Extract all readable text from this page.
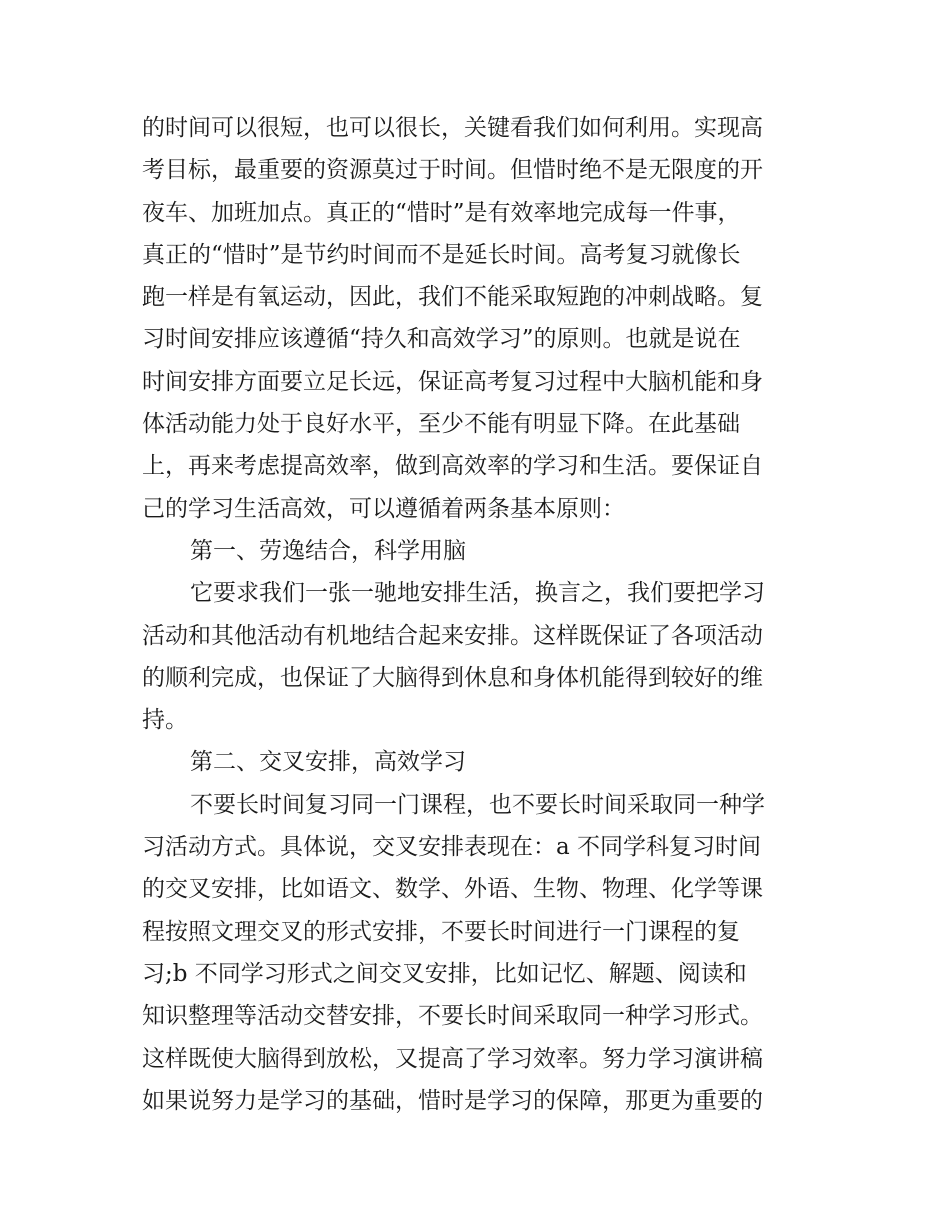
的时间可以很短，也可以很长，关键看我们如何利用。实现高
考目标，最重要的资源莫过于时间。但惜时绝不是无限度的开
夜车、加班加点。真正的“惜时”是有效率地完成每一件事，
真正的“惜时”是节约时间而不是延长时间。高考复习就像长
跑一样是有氧运动，因此，我们不能采取短跑的冲刺战略。复
习时间安排应该遵循“持久和高效学习”的原则。也就是说在
时间安排方面要立足长远，保证高考复习过程中大脑机能和身
体活动能力处于良好水平，至少不能有明显下降。在此基础
上，再来考虑提高效率，做到高效率的学习和生活。要保证自
己的学习生活高效，可以遵循着两条基本原则：
第一、劳逸结合，科学用脑
它要求我们一张一驰地安排生活，换言之，我们要把学习
活动和其他活动有机地结合起来安排。这样既保证了各项活动
的顺利完成，也保证了大脑得到休息和身体机能得到较好的维
持。
第二、交叉安排，高效学习
不要长时间复习同一门课程，也不要长时间采取同一种学
习活动方式。具体说，交叉安排表现在：a 不同学科复习时间
的交叉安排，比如语文、数学、外语、生物、物理、化学等课
程按照文理交叉的形式安排，不要长时间进行一门课程的复
习;b 不同学习形式之间交叉安排，比如记忆、解题、阅读和
知识整理等活动交替安排，不要长时间采取同一种学习形式。
这样既使大脑得到放松，又提高了学习效率。努力学习演讲稿
如果说努力是学习的基础，惜时是学习的保障，那更为重要的
